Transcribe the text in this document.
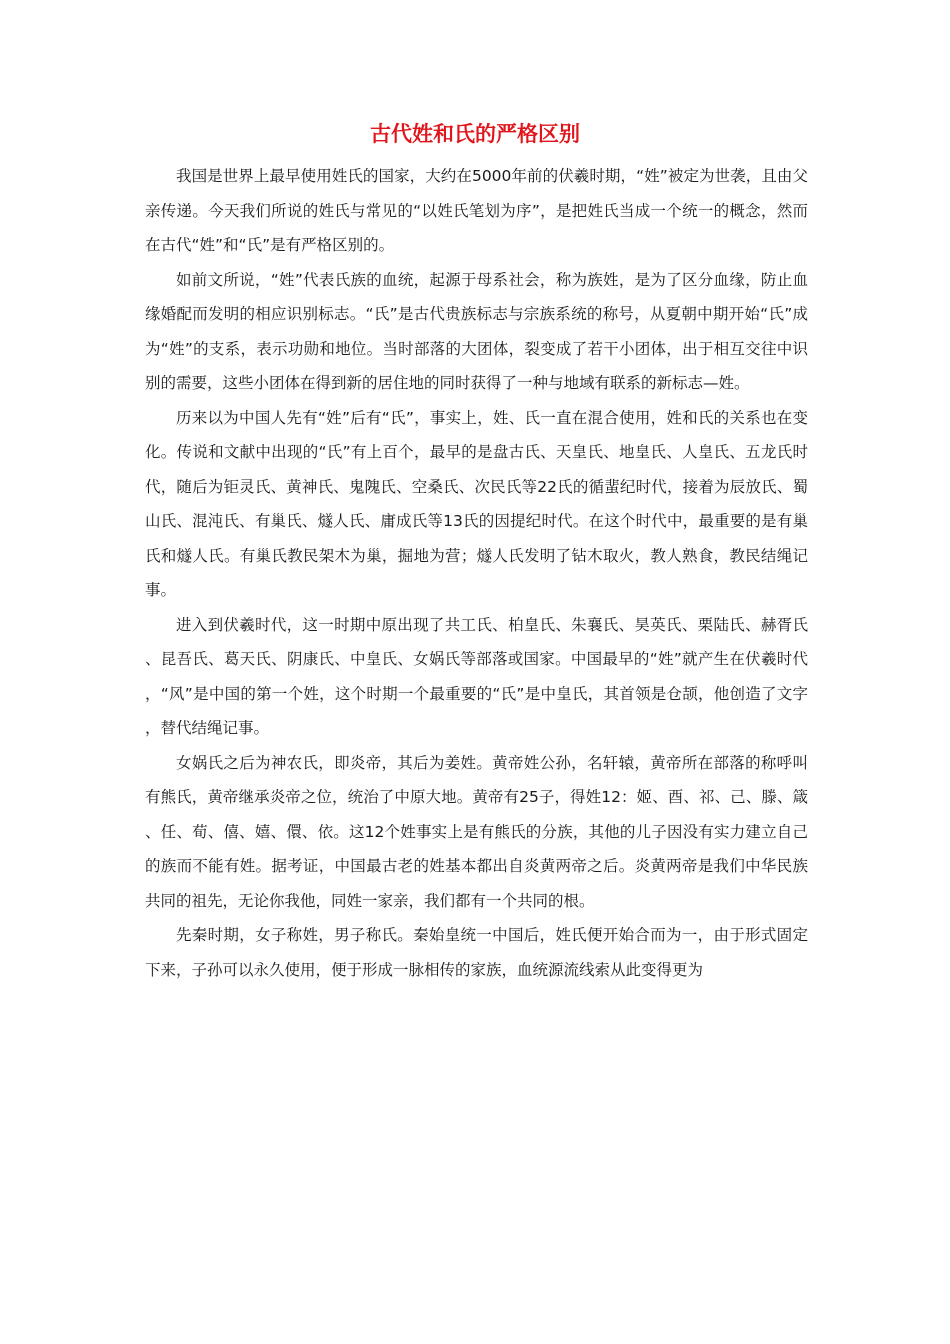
古代姓和氏的严格区别

我国是世界上最早使用姓氏的国家，大约在5000年前的伏羲时期，“姓”被定为世袭，且由父亲传递。今天我们所说的姓氏与常见的“以姓氏笔划为序”，是把姓氏当成一个统一的概念，然而在古代“姓”和“氏”是有严格区别的。

如前文所说，“姓”代表氏族的血统，起源于母系社会，称为族姓，是为了区分血缘，防止血缘婚配而发明的相应识别标志。“氏”是古代贵族标志与宗族系统的称号，从夏朝中期开始“氏”成为“姓”的支系，表示功勋和地位。当时部落的大团体，裂变成了若干小团体，出于相互交往中识别的需要，这些小团体在得到新的居住地的同时获得了一种与地域有联系的新标志—姓。

历来以为中国人先有“姓”后有“氏”，事实上，姓、氏一直在混合使用，姓和氏的关系也在变化。传说和文献中出现的“氏”有上百个，最早的是盘古氏、天皇氏、地皇氏、人皇氏、五龙氏时代，随后为钜灵氏、黄神氏、鬼隗氏、空桑氏、次民氏等22氏的循蜚纪时代，接着为辰放氏、蜀山氏、混沌氏、有巢氏、燧人氏、庸成氏等13氏的因提纪时代。在这个时代中，最重要的是有巢氏和燧人氏。有巢氏教民架木为巢，掘地为营；燧人氏发明了钻木取火，教人熟食，教民结绳记事。

进入到伏羲时代，这一时期中原出现了共工氏、柏皇氏、朱襄氏、昊英氏、栗陆氏、赫胥氏、昆吾氏、葛天氏、阴康氏、中皇氏、女娲氏等部落或国家。中国最早的“姓”就产生在伏羲时代，“风”是中国的第一个姓，这个时期一个最重要的“氏”是中皇氏，其首领是仓颉，他创造了文字，替代结绳记事。

女娲氏之后为神农氏，即炎帝，其后为姜姓。黄帝姓公孙，名轩辕，黄帝所在部落的称呼叫有熊氏，黄帝继承炎帝之位，统治了中原大地。黄帝有25子，得姓12：姬、酉、祁、己、滕、箴、任、荀、僖、嬉、儇、依。这12个姓事实上是有熊氏的分族，其他的儿子因没有实力建立自己的族而不能有姓。据考证，中国最古老的姓基本都出自炎黄两帝之后。炎黄两帝是我们中华民族共同的祖先，无论你我他，同姓一家亲，我们都有一个共同的根。

先秦时期，女子称姓，男子称氏。秦始皇统一中国后，姓氏便开始合而为一，由于形式固定下来，子孙可以永久使用，便于形成一脉相传的家族，血统源流线索从此变得更为
